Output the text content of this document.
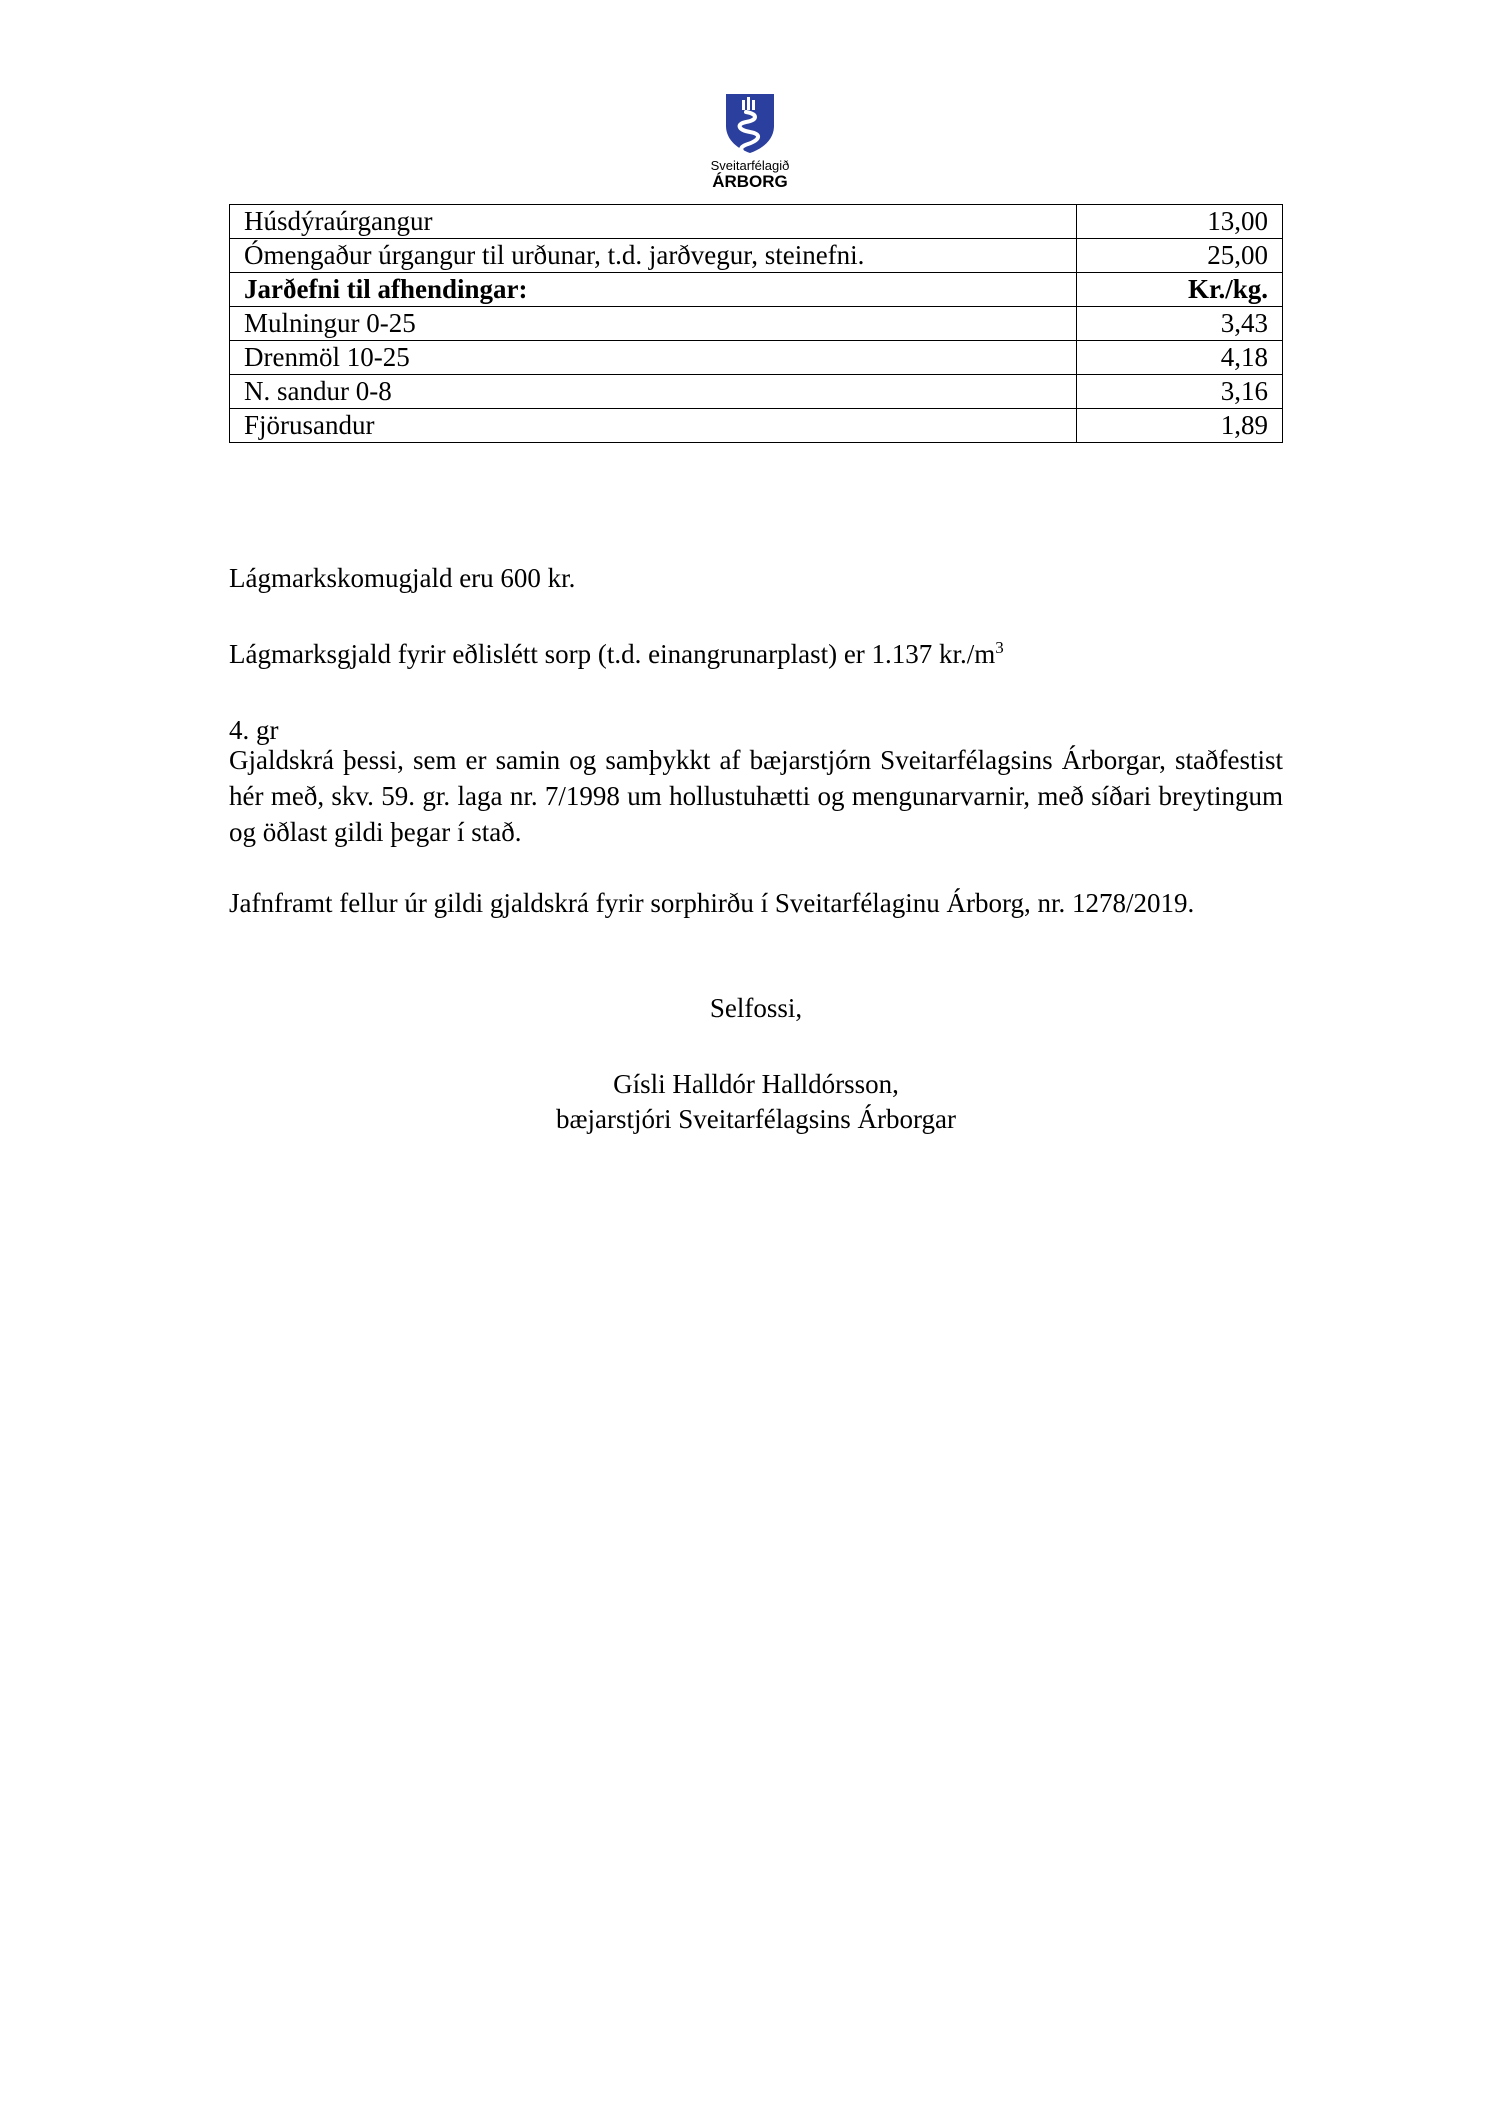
Sveitarfélagið
ÁRBORG
Húsdýraúrgangur	13,00
Ómengaður úrgangur til urðunar, t.d. jarðvegur, steinefni.	25,00
Jarðefni til afhendingar:	Kr./kg.
Mulningur 0-25	3,43
Drenmöl 10-25	4,18
N. sandur 0-8	3,16
Fjörusandur	1,89

Lágmarkskomugjald eru 600 kr.

Lágmarksgjald fyrir eðlislétt sorp (t.d. einangrunarplast) er 1.137 $kr./m^3$

4. gr

Gjaldskrá þessi, sem er samin og samþykkt af bæjarstjórn Sveitarfélagsins Árborgar, staðfestist hér með, skv. 59. gr. laga nr. 7/1998 um hollustuhætti og mengunarvarnir, með síðari breytingum og öðlast gildi þegar í stað.

Jafnframt fellur úr gildi gjaldskrá fyrir sorphirðu í Sveitarfélaginu Árborg, nr. 1278/2019.

Selfossi,

Gísli Halldór Halldórsson,

bæjarstjóri Sveitarfélagsins Árborgar
